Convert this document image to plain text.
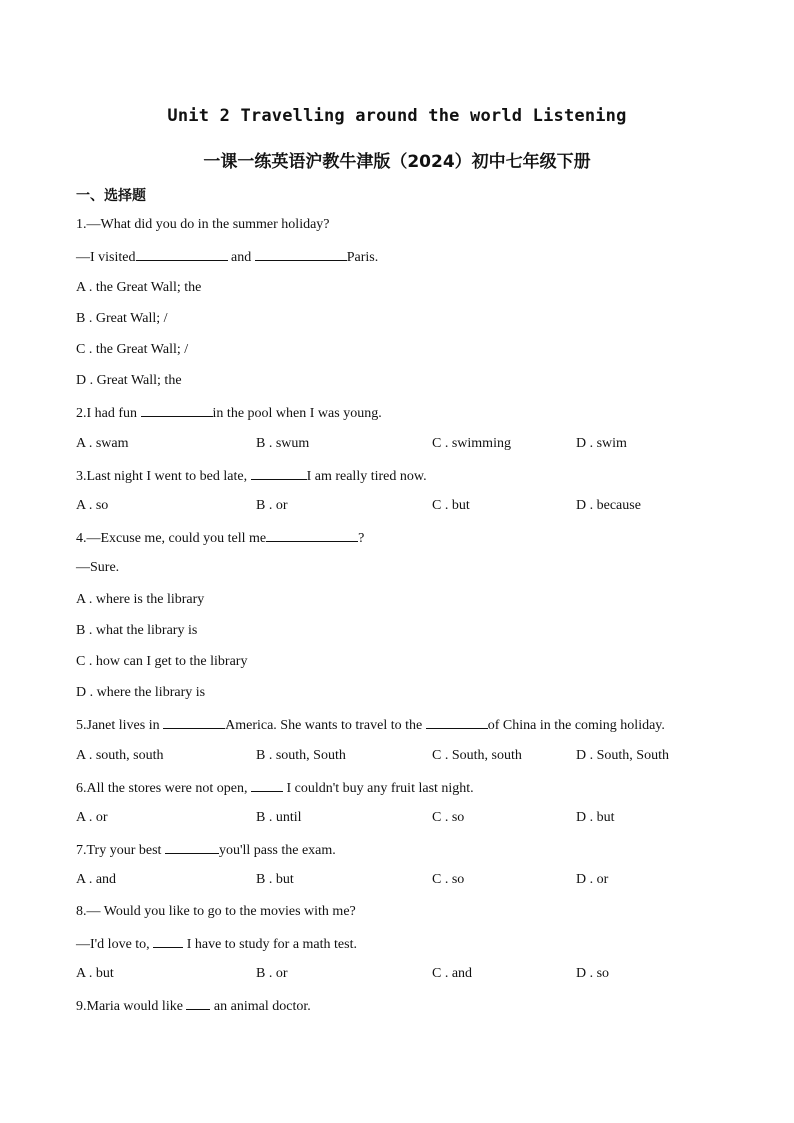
Unit 2 Travelling around the world Listening
一课一练英语沪教牛津版（2024）初中七年级下册
一、选择题
1.—What did you do in the summer holiday?
—I visited	and	Paris.
A . the Great Wall; the
B . Great Wall; /
C . the Great Wall; /
D . Great Wall; the
2.I had fun	in the pool when I was young.
A . swam	B . swum	C . swimming	D . swim
3.Last night I went to bed late,	I am really tired now.
A . so	B . or	C . but	D . because
4.—Excuse me, could you tell me	?
—Sure.
A . where is the library
B . what the library is
C . how can I get to the library
D . where the library is
5.Janet lives in	America. She wants to travel to the	of China in the coming holiday.
A . south, south	B . south, South	C . South, south	D . South, South
6.All the stores were not open,  I couldn't buy any fruit last night.
A . or	B . until	C . so	D . but
7.Try your best	you'll pass the exam.
A . and	B . but	C . so	D . or
8.— Would you like to go to the movies with me?
—I'd love to,  I have to study for a math test.
A . but	B . or	C . and	D . so
9.Maria would like  an animal doctor.
